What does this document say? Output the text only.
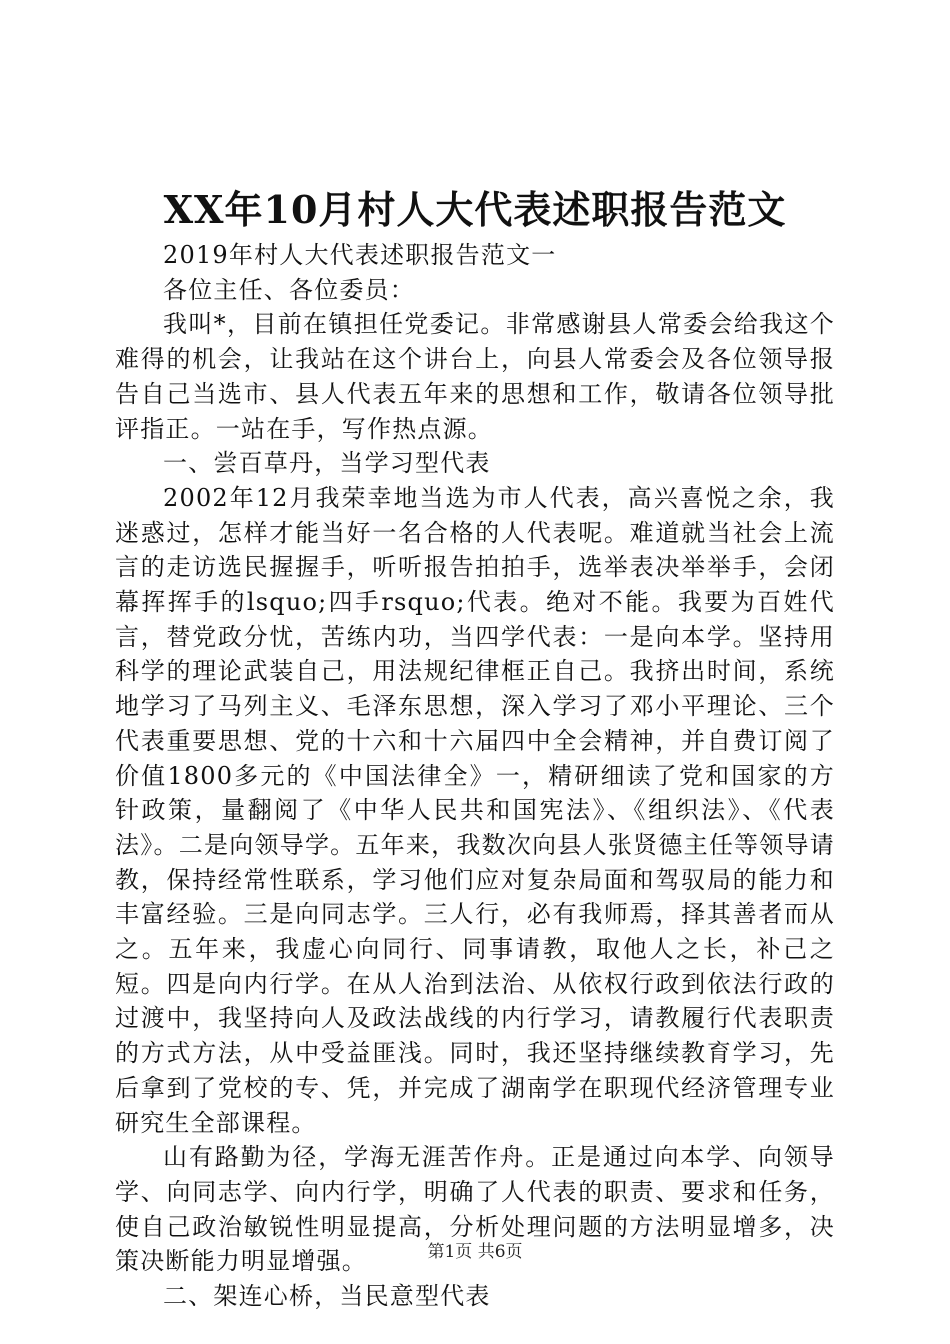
XX年10月村人大代表述职报告范文

2019年村人大代表述职报告范文一

各位主任、各位委员：

我叫*，目前在镇担任党委记。非常感谢县人常委会给我这个难得的机会，让我站在这个讲台上，向县人常委会及各位领导报告自己当选市、县人代表五年来的思想和工作，敬请各位领导批评指正。一站在手，写作热点源。

一、尝百草丹，当学习型代表

2002年12月我荣幸地当选为市人代表，高兴喜悦之余，我迷惑过，怎样才能当好一名合格的人代表呢。难道就当社会上流言的走访选民握握手，听听报告拍拍手，选举表决举举手，会闭幕挥挥手的lsquo;四手rsquo;代表。绝对不能。我要为百姓代言，替党政分忧，苦练内功，当四学代表：一是向本学。坚持用科学的理论武装自己，用法规纪律框正自己。我挤出时间，系统地学习了马列主义、毛泽东思想，深入学习了邓小平理论、三个代表重要思想、党的十六和十六届四中全会精神，并自费订阅了价值1800多元的《中国法律全》一，精研细读了党和国家的方针政策，量翻阅了《中华人民共和国宪法》、《组织法》、《代表法》。二是向领导学。五年来，我数次向县人张贤德主任等领导请教，保持经常性联系，学习他们应对复杂局面和驾驭局的能力和丰富经验。三是向同志学。三人行，必有我师焉，择其善者而从之。五年来，我虚心向同行、同事请教，取他人之长，补己之短。四是向内行学。在从人治到法治、从依权行政到依法行政的过渡中，我坚持向人及政法战线的内行学习，请教履行代表职责的方式方法，从中受益匪浅。同时，我还坚持继续教育学习，先后拿到了党校的专、凭，并完成了湖南学在职现代经济管理专业研究生全部课程。

山有路勤为径，学海无涯苦作舟。正是通过向本学、向领导学、向同志学、向内行学，明确了人代表的职责、要求和任务，使自己政治敏锐性明显提高，分析处理问题的方法明显增多，决策决断能力明显增强。

二、架连心桥，当民意型代表

第1页 共6页
